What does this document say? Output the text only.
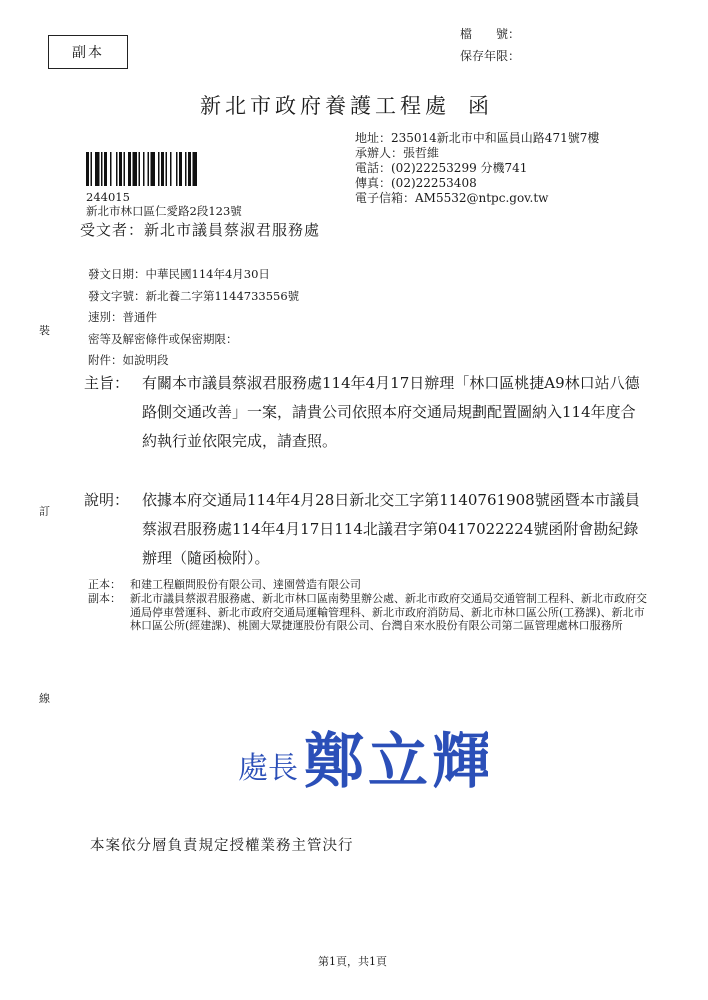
副本
檔　　號：
保存年限：
新北市政府養護工程處 函
地址：235014新北市中和區員山路471號7樓
承辦人：張哲維
電話：(02)22253299 分機741
傳真：(02)22253408
電子信箱：AM5532@ntpc.gov.tw
244015
新北市林口區仁愛路2段123號
受文者：新北市議員蔡淑君服務處
發文日期：中華民國114年4月30日
發文字號：新北養二字第1144733556號
速別：普通件
密等及解密條件或保密期限：
附件：如說明段
主旨： 有關本市議員蔡淑君服務處114年4月17日辦理「林口區桃捷A9林口站八德路側交通改善」一案，請貴公司依照本府交通局規劃配置圖納入114年度合約執行並依限完成，請查照。
說明： 依據本府交通局114年4月28日新北交工字第1140761908號函暨本市議員蔡淑君服務處114年4月17日114北議君字第0417022224號函附會勘紀錄辦理（隨函檢附）。
正本： 和建工程顧問股份有限公司、達園營造有限公司
副本： 新北市議員蔡淑君服務處、新北市林口區南勢里辦公處、新北市政府交通局交通管制工程科、新北市政府交通局停車營運科、新北市政府交通局運輸管理科、新北市政府消防局、新北市林口區公所(工務課)、新北市林口區公所(經建課)、桃園大眾捷運股份有限公司、台灣自來水股份有限公司第二區管理處林口服務所
處長 鄭立輝
本案依分層負責規定授權業務主管決行
第1頁，共1頁
裝
訂
線
